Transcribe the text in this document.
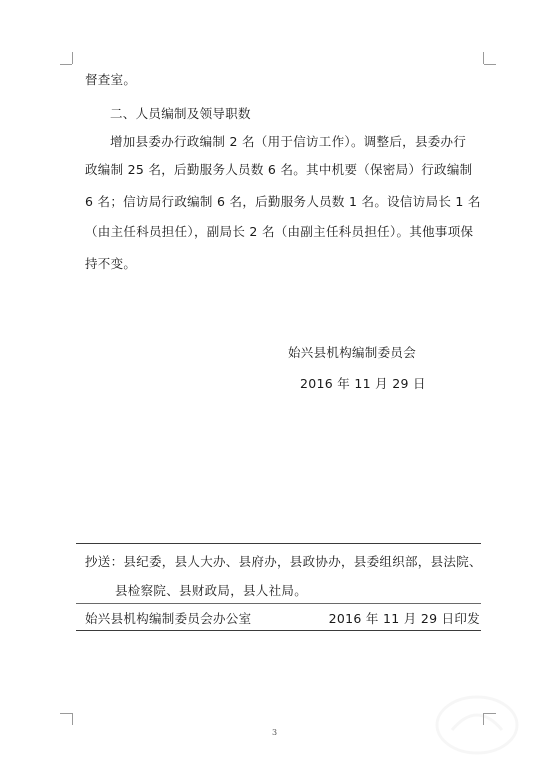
督查室。
二、人员编制及领导职数
增加县委办行政编制 2 名（用于信访工作）。调整后，县委办行
政编制 25 名，后勤服务人员数 6 名。其中机要（保密局）行政编制
6 名；信访局行政编制 6 名，后勤服务人员数 1 名。设信访局长 1 名
（由主任科员担任），副局长 2 名（由副主任科员担任）。其他事项保
持不变。
始兴县机构编制委员会
2016 年 11 月 29 日
抄送：县纪委，县人大办、县府办，县政协办，县委组织部，县法院、
县检察院、县财政局，县人社局。
始兴县机构编制委员会办公室	2016 年 11 月 29 日印发
3
